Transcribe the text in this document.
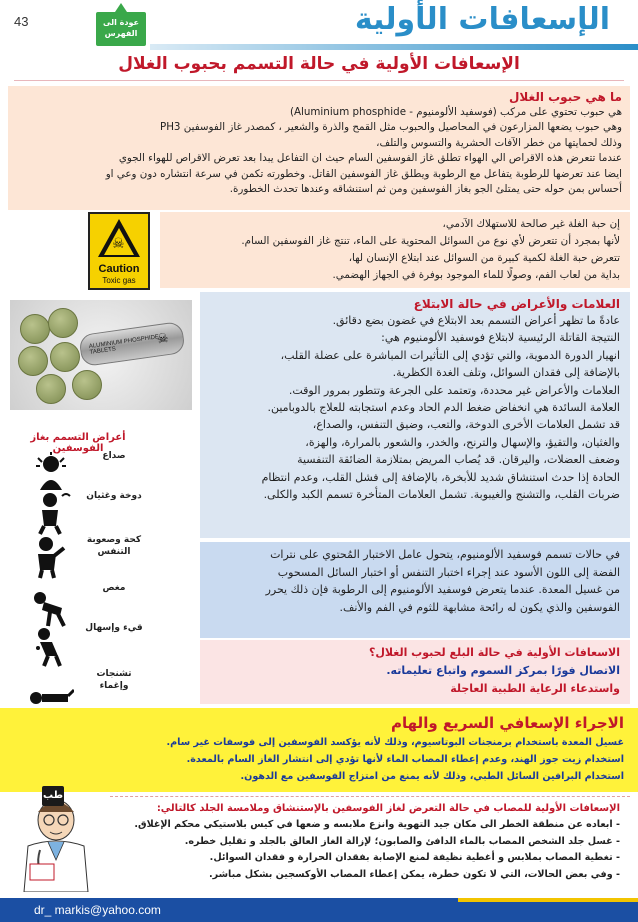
43	عودة الى الفهرس	الإسعافات الأولية
الإسعافات الأولية في حالة التسمم بحبوب الغلال
ما هي حبوب الغلال

هي حبوب تحتوي على مركب (فوسفيد الألومنيوم - Aluminium phosphide)

وهي حبوب يضعها المزارعون في المحاصيل والحبوب مثل القمح والذرة والشعير ، كمصدر غاز الفوسفين PH3

وذلك لحمايتها من خطر الآفات الحشرية والتسوس والتلف،

عندما تتعرض هذه الاقراص الي الهواء تطلق غاز الفوسفين السام حيث ان التفاعل يبدا بعد تعرض الاقراص للهواء الجوي

ايضا عند تعرضها للرطوبة يتفاعل مع الرطوبة ويطلق غاز الفوسفين القاتل. وخطورته تكمن في سرعة انتشاره دون وعي او

أحساس بمن حوله حتى يمتلئ الجو بغاز الفوسفين ومن ثم استنشاقه وعندها تحدث الخطورة.

☠
Caution
Toxic gas

إن حبة الغلة غير صالحة للاستهلاك الآدمي،

لأنها بمجرد أن تتعرض لأي نوع من السوائل المحتوية على الماء، تنتج غاز الفوسفين السام.

تتعرض حبة الغلة لكمية كبيرة من السوائل عند ابتلاع الإنسان لها،

بداية من لعاب الفم، وصولًا للماء الموجود بوفرة في الجهاز الهضمي.

ALUMINIUM PHOSPHIDE TABLETS
☠
أعراض التسمم بغاز الفوسفين
صداع
دوخة وغثيان
كحة وصعوبة التنفس
مغص
قيء وإسهال
تشنجات وإغماء
العلامات والأعراض في حالة الابتلاع

عادةً ما تظهر أعراض التسمم بعد الابتلاع في غضون بضع دقائق.

النتيجة القاتلة الرئيسية لابتلاع فوسفيد الألومنيوم هي:

انهيار الدورة الدموية، والتي تؤدي إلى التأثيرات المباشرة على عضلة القلب،

بالإضافة إلى فقدان السوائل، وتلف الغدة الكظرية.

العلامات والأعراض غير محددة، وتعتمد على الجرعة وتتطور بمرور الوقت.

العلامة السائدة هي انخفاض ضغط الدم الحاد وعدم استجابته للعلاج بالدوبامين.

قد تشمل العلامات الأخرى الدوخة، والتعب، وضيق التنفس، والصداع،

والغثيان، والتقيؤ، والإسهال والترنح، والخدر، والشعور بالمرارة، والهزة،

وضعف العضلات، واليرقان. قد يُصاب المريض بمتلازمة الضائقة التنفسية

الحادة إذا حدث استنشاق شديد للأبخرة، بالإضافة إلى فشل القلب، وعدم انتظام

ضربات القلب، والتشنج والغيبوبة. تشمل العلامات المتأخرة تسمم الكبد والكلى.

في حالات تسمم فوسفيد الألومنيوم، يتحول عامل الاختبار المُحتوي على نترات

الفضة إلى اللون الأسود عند إجراء اختبار التنفس أو اختبار السائل المسحوب

من غسيل المعدة. عندما يتعرض فوسفيد الألومنيوم إلى الرطوبة فإن ذلك يحرر

الفوسفين والذي يكون له رائحة مشابهة للثوم في الفم والأنف.

الاسعافات الأولية في حالة البلع لحبوب الغلال؟
الاتصال فورًا بمركز السموم واتباع تعليماته.
واستدعاء الرعاية الطبية العاجلة
الاجراء الإسعافي السريع والهام
غسيل المعدة باستخدام برمنجنات البوتاسيوم، وذلك لأنه يؤكسد الفوسفين إلى فوسفات غير سام.
استخدام زيت جوز الهند، وعدم إعطاء المصاب الماء لأنها تؤدي إلى انتشار الغاز السام بالمعدة.
استخدام البرافين السائل الطبي، وذلك لأنه يمنع من امتزاج الفوسفين مع الدهون.
طب
الإسعافات الأولية للمصاب في حالة التعرض لغاز الفوسفين بالإستنشاق وملامسة الجلد كالتالي:
- ابعاده عن منطقة الخطر الى مكان جيد التهوية وانزع ملابسه و ضعها في كيس بلاستيكي محكم الإغلاق.
- غسل جلد الشخص المصاب بالماء الدافئ والصابون؛ لإزالة الغاز العالق بالجلد و تقليل خطره.
- تغطية المصاب بملابس و أغطية نظيفة لمنع الإصابة بفقدان الحرارة و فقدان السوائل.
- وفي بعض الحالات، التي لا تكون خطرة، يمكن إعطاء المصاب الأوكسجين بشكل مباشر.
dr_ markis@yahoo.com
